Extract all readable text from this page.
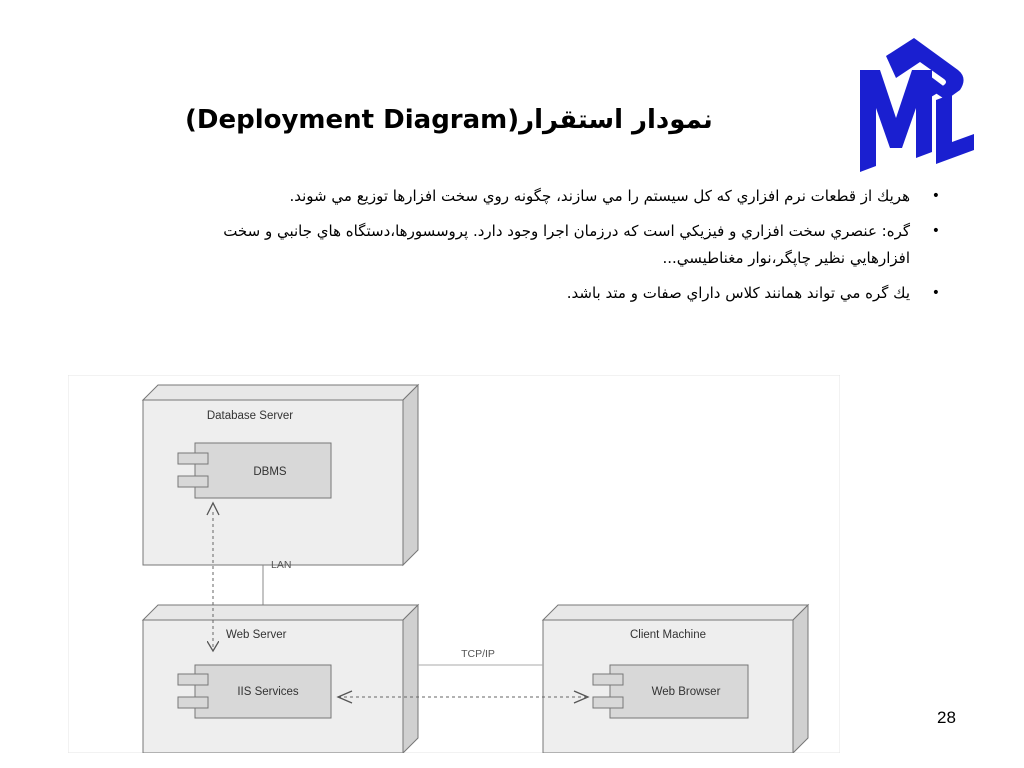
(Deployment Diagram)نمودار استقرار
•
هريك از قطعات نرم افزاري كه كل سيستم را مي سازند، چگونه روي سخت افزارها توزيع مي شوند.
•
گره: عنصري سخت افزاري و فيزيكي است كه درزمان اجرا وجود دارد. پروسسورها،دستگاه هاي جانبي و سخت افزارهايي نظير چاپگر،نوار مغناطيسي...
•
يك گره مي تواند همانند كلاس داراي صفات و متد باشد.
Database Server
DBMS
LAN
Web Server
IIS Services
Client Machine
Web Browser
TCP/IP
28
